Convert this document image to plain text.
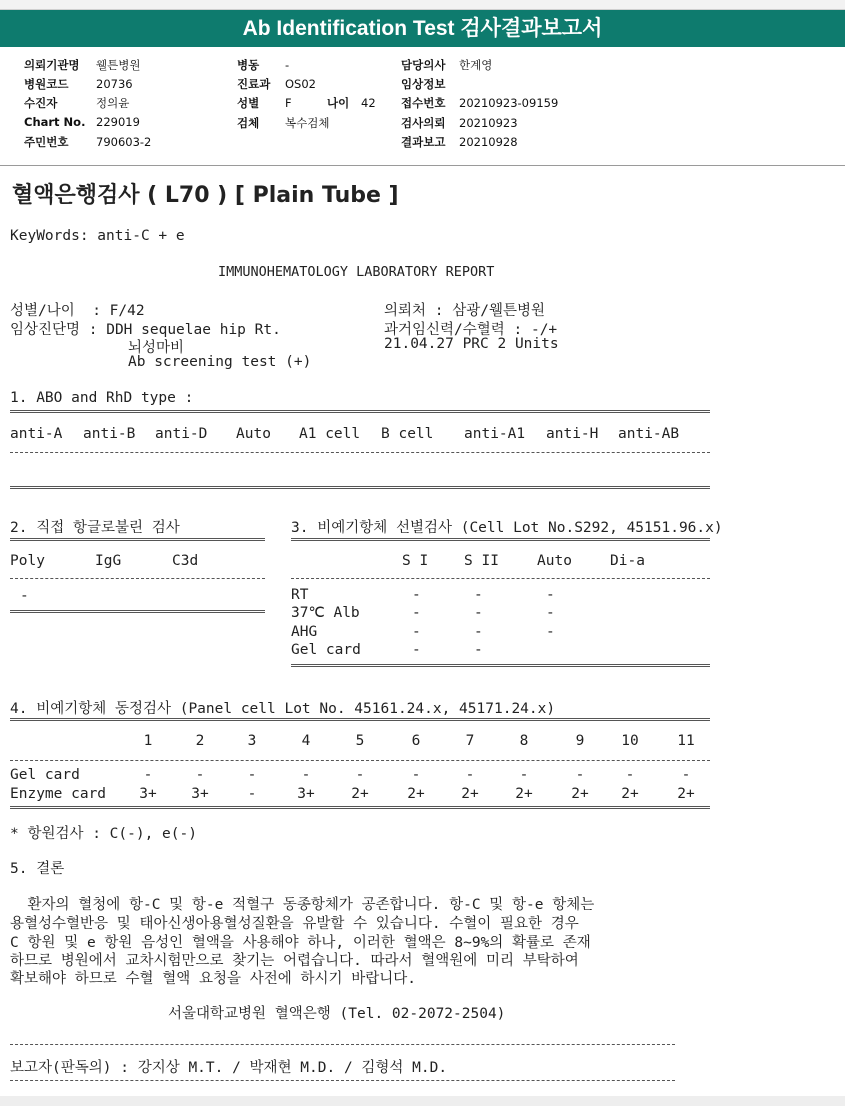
Ab Identification Test 검사결과보고서
의뢰기관명 웰튼병원
병원코드 20736
수진자	정의윤
Chart No. 229019
주민번호 790603-2
병동 -
진료과 OS02
성별 F	나이 42
검체 복수검체
담당의사 한계영
임상정보
접수번호 20210923-09159
검사의뢰 20210923
결과보고 20210928
혈액은행검사 ( L70 ) [ Plain Tube ]
KeyWords: anti-C + e
IMMUNOHEMATOLOGY LABORATORY REPORT
성별/나이  : F/42
임상진단명 : DDH sequelae hip Rt.
뇌성마비
Ab screening test (+)
의뢰처 : 삼광/웰튼병원
과거임신력/수혈력 : -/+
21.04.27 PRC 2 Units
1. ABO and RhD type :
anti-A anti-B anti-D Auto A1 cell B cell anti-A1 anti-H anti-AB
2. 직접 항글로불린 검사
Poly	IgG	C3d
-
3. 비예기항체 선별검사 (Cell Lot No.S292, 45151.96.x)
S I S II	Auto	Di-a
RT	-	-	-
37℃ Alb	-	-	-
AHG	-	-	-
Gel card	-	-
4. 비예기항체 동정검사 (Panel cell Lot No. 45161.24.x, 45171.24.x)
1	2	3	4	5	6	7	8	9	10	11
Gel card	-	-	-	-	-	-	-	-	-	-	-
Enzyme card 3+ 3+	-	3+	2+	2+	2+	2+	2+ 2+	2+
* 항원검사 : C(-), e(-)
5. 결론
환자의 혈청에 항-C 및 항-e 적혈구 동종항체가 공존합니다. 항-C 및 항-e 항체는
용혈성수혈반응 및 태아신생아용혈성질환을 유발할 수 있습니다. 수혈이 필요한 경우
C 항원 및 e 항원 음성인 혈액을 사용해야 하나, 이러한 혈액은 8~9%의 확률로 존재
하므로 병원에서 교차시험만으로 찾기는 어렵습니다. 따라서 혈액원에 미리 부탁하여
확보해야 하므로 수혈 혈액 요청을 사전에 하시기 바랍니다.
서울대학교병원 혈액은행 (Tel. 02-2072-2504)
보고자(판독의) : 강지상 M.T. / 박재현 M.D. / 김형석 M.D.
